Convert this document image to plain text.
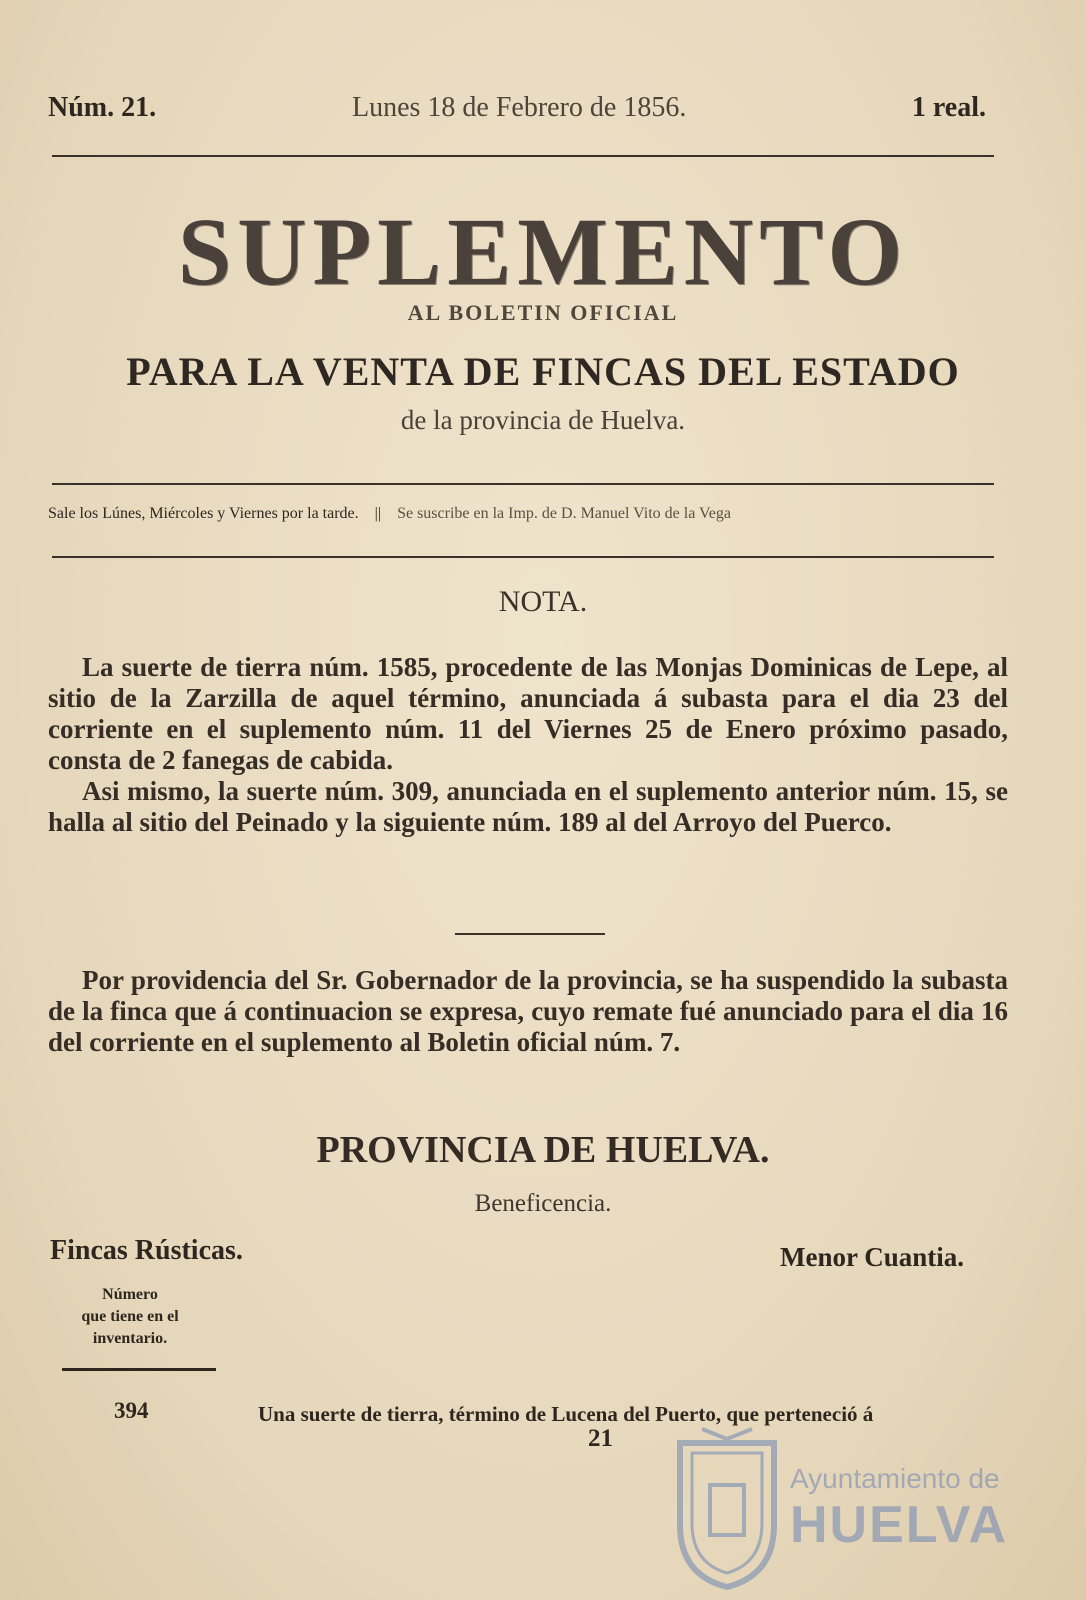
Núm. 21.	Lunes 18 de Febrero de 1856.	1 real.
SUPLEMENTO
AL BOLETIN OFICIAL
PARA LA VENTA DE FINCAS DEL ESTADO
de la provincia de Huelva.
Sale los Lúnes, Miércoles y Viernes por la tarde. || Se suscribe en la Imp. de D. Manuel Vito de la Vega
NOTA.

La suerte de tierra núm. 1585, procedente de las Monjas Dominicas de Lepe, al sitio de la Zarzilla de aquel término, anunciada á subasta para el dia 23 del corriente en el suplemento núm. 11 del Viernes 25 de Enero próximo pasado, consta de 2 fanegas de cabida.

Asi mismo, la suerte núm. 309, anunciada en el suplemento anterior núm. 15, se halla al sitio del Peinado y la siguiente núm. 189 al del Arroyo del Puerco.

Por providencia del Sr. Gobernador de la provincia, se ha suspendido la subasta de la finca que á continuacion se expresa, cuyo remate fué anunciado para el dia 16 del corriente en el suplemento al Boletin oficial núm. 7.

PROVINCIA DE HUELVA.
Beneficencia.
Fincas Rústicas.	Menor Cuantia.
Número
que tiene en el
inventario.
394	Una suerte de tierra, término de Lucena del Puerto, que perteneció á
21
Ayuntamiento de
HUELVA
